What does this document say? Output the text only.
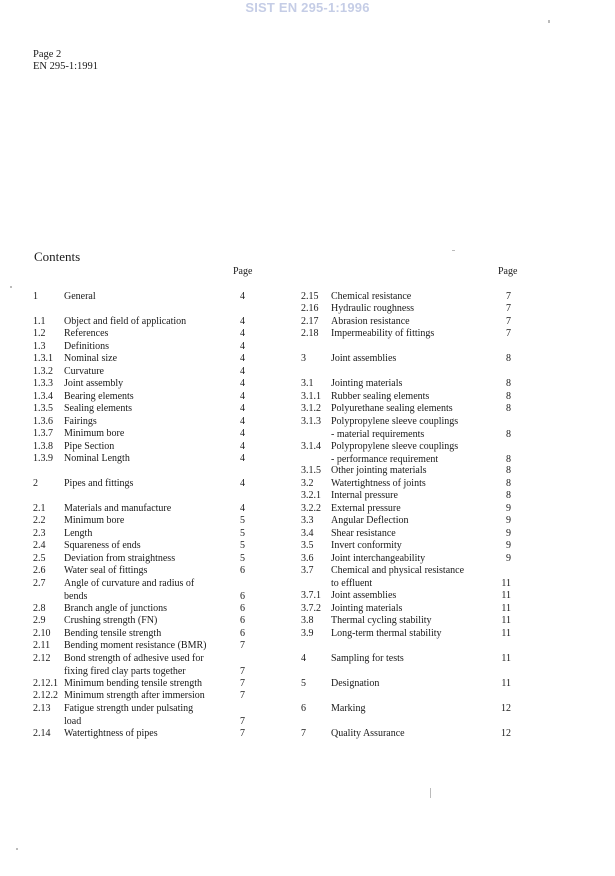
SIST EN 295-1:1996
Page 2
EN 295-1:1991
Contents
Page	Page
1	General	4
1.1 Object and field of application	4
1.2 References	4
1.3 Definitions	4
1.3.1 Nominal size	4
1.3.2 Curvature	4
1.3.3 Joint assembly	4
1.3.4 Bearing elements	4
1.3.5 Sealing elements	4
1.3.6 Fairings	4
1.3.7 Minimum bore	4
1.3.8 Pipe Section	4
1.3.9 Nominal Length	4
2	Pipes and fittings	4
2.1 Materials and manufacture	4
2.2 Minimum bore	5
2.3 Length	5
2.4 Squareness of ends	5
2.5 Deviation from straightness	5
2.6 Water seal of fittings	6
2.7 Angle of curvature and radius of
bends	6
2.8 Branch angle of junctions	6
2.9 Crushing strength (FN)	6
2.10 Bending tensile strength	6
2.11 Bending moment resistance (BMR)	7
2.12 Bond strength of adhesive used for
fixing fired clay parts together	7
2.12.1 Minimum bending tensile strength	7
2.12.2 Minimum strength after immersion	7
2.13 Fatigue strength under pulsating
load	7
2.14 Watertightness of pipes	7
2.15 Chemical resistance	7
2.16 Hydraulic roughness	7
2.17 Abrasion resistance	7
2.18 Impermeability of fittings	7
3	Joint assemblies	8
3.1 Jointing materials	8
3.1.1 Rubber sealing elements	8
3.1.2 Polyurethane sealing elements	8
3.1.3 Polypropylene sleeve couplings
- material requirements	8
3.1.4 Polypropylene sleeve couplings
- performance requirement	8
3.1.5 Other jointing materials	8
3.2 Watertightness of joints	8
3.2.1 Internal pressure	8
3.2.2 External pressure	9
3.3 Angular Deflection	9
3.4 Shear resistance	9
3.5 Invert conformity	9
3.6 Joint interchangeability	9
3.7 Chemical and physical resistance
to effluent	11
3.7.1 Joint assemblies	11
3.7.2 Jointing materials	11
3.8 Thermal cycling stability	11
3.9 Long-term thermal stability	11
4	Sampling for tests	11
5	Designation	11
6	Marking	12
7	Quality Assurance	12
